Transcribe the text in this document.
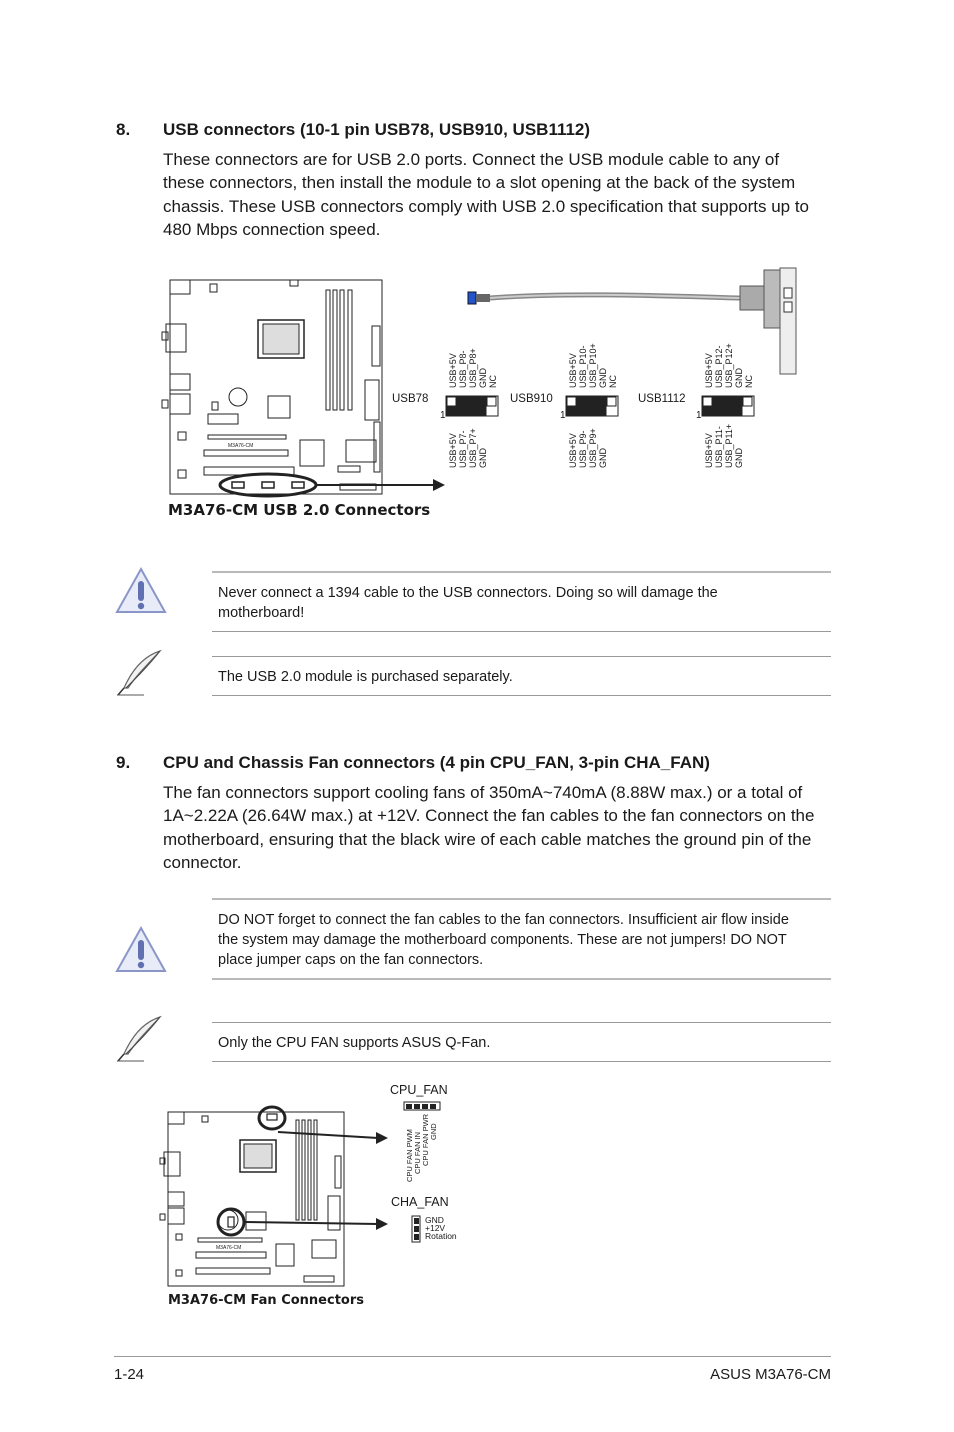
8. USB connectors (10-1 pin USB78, USB910, USB1112)
These connectors are for USB 2.0 ports. Connect the USB module cable to any of
these connectors, then install the module to a slot opening at the back of the system
chassis. These USB connectors comply with USB 2.0 specification that supports up to
480 Mbps connection speed.
M3A76-CM
USB78
1
USB+5V USB_P8- USB_P8+ GND NC
USB+5V USB_P7- USB_P7+ GND
USB910
1
USB+5V USB_P10- USB_P10+ GND NC
USB+5V USB_P9- USB_P9+ GND
USB1112
1
USB+5V USB_P12- USB_P12+ GND NC
USB+5V USB_P11- USB_P11+ GND
M3A76-CM USB 2.0 Connectors
Never connect a 1394 cable to the USB connectors. Doing so will damage the
motherboard!
The USB 2.0 module is purchased separately.
9. CPU and Chassis Fan connectors (4 pin CPU_FAN, 3-pin CHA_FAN)
The fan connectors support cooling fans of 350mA~740mA (8.88W max.) or a total of
1A~2.22A (26.64W max.) at +12V. Connect the fan cables to the fan connectors on the
motherboard, ensuring that the black wire of each cable matches the ground pin of the
connector.
DO NOT forget to connect the fan cables to the fan connectors. Insufficient air flow inside
the system may damage the motherboard components. These are not jumpers! DO NOT
place jumper caps on the fan connectors.
Only the CPU FAN supports ASUS Q-Fan.
M3A76-CM
CPU_FAN
CPU FAN PWM CPU FAN IN CPU FAN PWR GND
CHA_FAN
GND
+12V
Rotation
M3A76-CM Fan Connectors
1-24	ASUS M3A76-CM
